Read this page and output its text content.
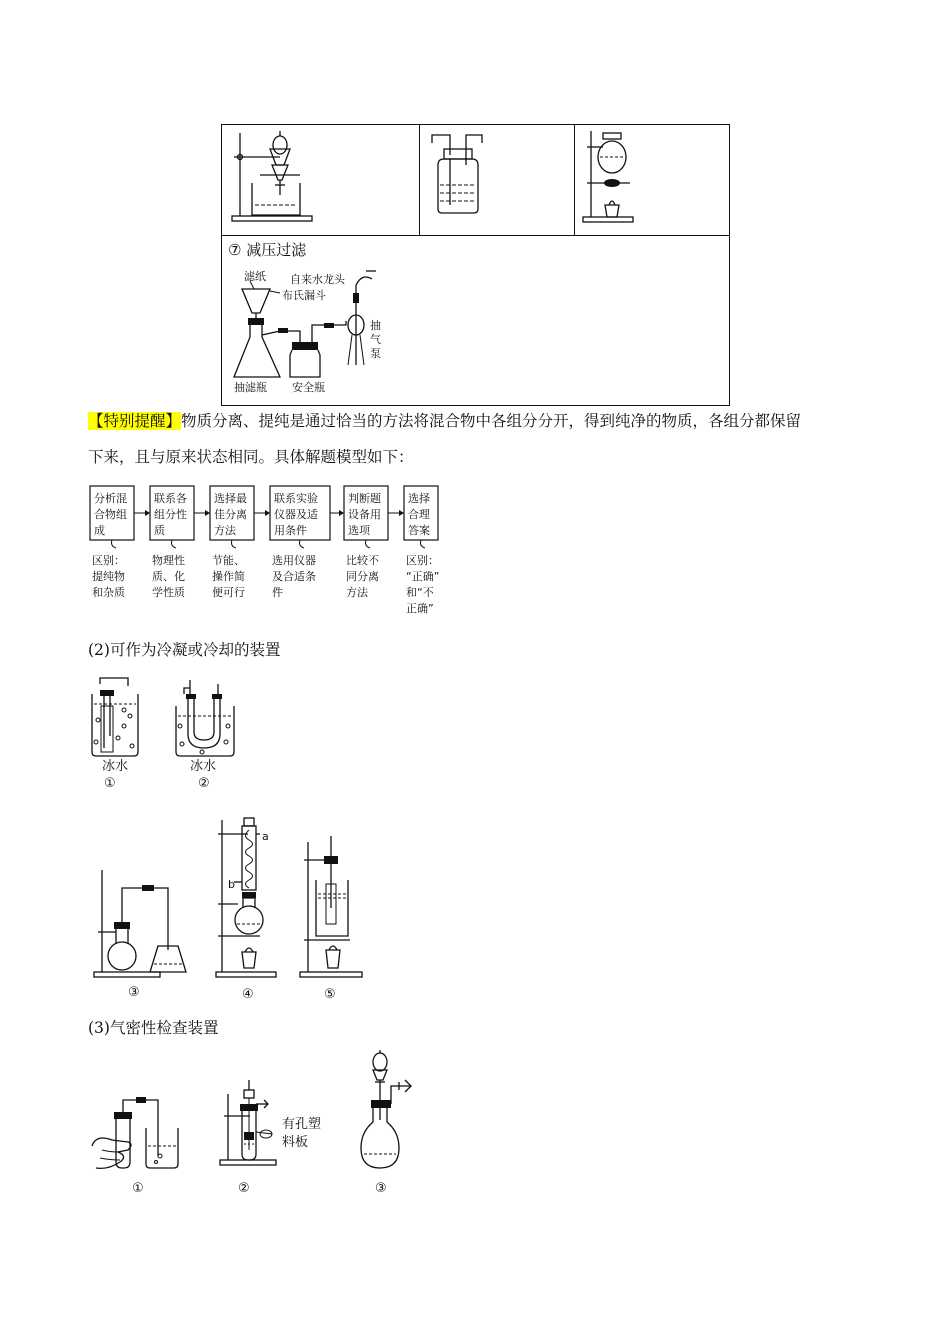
⑦ 减压过滤
滤纸
布氏漏斗
自来水龙头
抽滤瓶 安全瓶
抽
气
泵
【特别提醒】物质分离、提纯是通过恰当的方法将混合物中各组分分开，得到纯净的物质，各组分都保留
下来，且与原来状态相同。具体解题模型如下：
分析混
合物组
成
区别：
提纯物
和杂质
联系各
组分性
质
物理性
质、化
学性质
选择最
佳分离
方法
节能、
操作简
便可行
联系实验
仪器及适
用条件
选用仪器
及合适条
件
判断题
设备用
选项
比较不
同分离
方法
选择
合理
答案
区别：
“正确”
和“不
正确”
(2)可作为冷凝或冷却的装置
冰水
①
冰水
②
③
a
b
④	⑤
(3)气密性检查装置
①
有孔塑
料板
②	③
